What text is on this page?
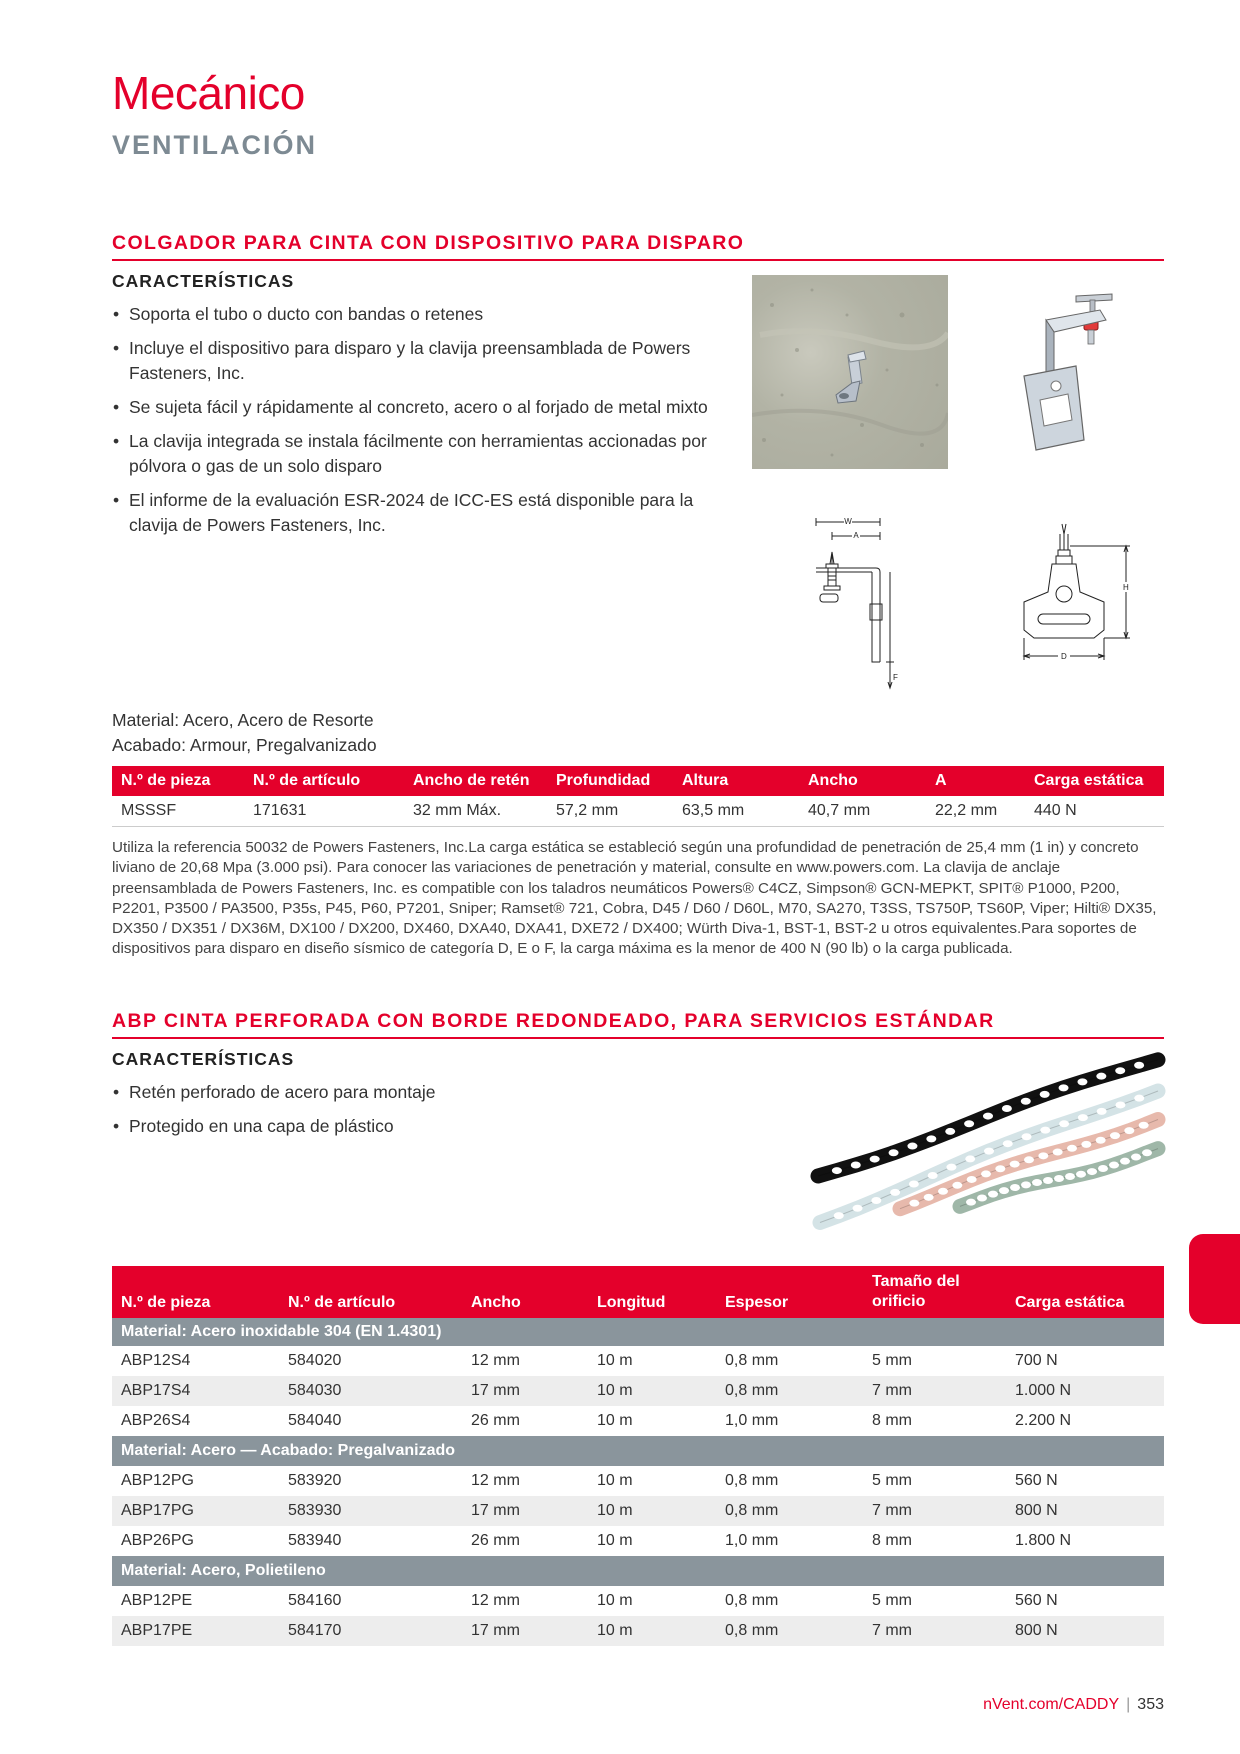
Mecánico
VENTILACIÓN
COLGADOR PARA CINTA CON DISPOSITIVO PARA DISPARO
CARACTERÍSTICAS
• Soporta el tubo o ducto con bandas o retenes
• Incluye el dispositivo para disparo y la clavija preensamblada de Powers Fasteners, Inc.
• Se sujeta fácil y rápidamente al concreto, acero o al forjado de metal mixto
• La clavija integrada se instala fácilmente con herramientas accionadas por pólvora o gas de un solo disparo
• El informe de la evaluación ESR-2024 de ICC-ES está disponible para la clavija de Powers Fasteners, Inc.	W
A
F
H
D
Material: Acero, Acero de Resorte
Acabado: Armour, Pregalvanizado
N.º de pieza	N.º de artículo	Ancho de retén	Profundidad	Altura	Ancho	A	Carga estática
MSSSF	171631	32 mm Máx.	57,2 mm	63,5 mm	40,7 mm	22,2 mm	440 N
Utiliza la referencia 50032 de Powers Fasteners, Inc.La carga estática se estableció según una profundidad de penetración de 25,4 mm (1 in) y concreto liviano de 20,68 Mpa (3.000 psi). Para conocer las variaciones de penetración y material, consulte en www.powers.com. La clavija de anclaje preensamblada de Powers Fasteners, Inc. es compatible con los taladros neumáticos Powers® C4CZ, Simpson® GCN-MEPKT, SPIT® P1000, P200, P2201, P3500 / PA3500, P35s, P45, P60, P7201, Sniper; Ramset® 721, Cobra, D45 / D60 / D60L, M70, SA270, T3SS, TS750P, TS60P, Viper; Hilti® DX35, DX350 / DX351 / DX36M, DX100 / DX200, DX460, DXA40, DXA41, DXE72 / DX400; Würth Diva-1, BST-1, BST-2 u otros equivalentes.Para soportes de dispositivos para disparo en diseño sísmico de categoría D, E o F, la carga máxima es la menor de 400 N (90 lb) o la carga publicada.
ABP CINTA PERFORADA CON BORDE REDONDEADO, PARA SERVICIOS ESTÁNDAR
CARACTERÍSTICAS
• Retén perforado de acero para montaje
• Protegido en una capa de plástico
N.º de pieza	N.º de artículo	Ancho	Longitud	Espesor	Tamaño del orificio	Carga estática
Material: Acero inoxidable 304 (EN 1.4301)						
ABP12S4	584020	12 mm	10 m	0,8 mm	5 mm	700 N
ABP17S4	584030	17 mm	10 m	0,8 mm	7 mm	1.000 N
ABP26S4	584040	26 mm	10 m	1,0 mm	8 mm	2.200 N
Material: Acero — Acabado: Pregalvanizado						
ABP12PG	583920	12 mm	10 m	0,8 mm	5 mm	560 N
ABP17PG	583930	17 mm	10 m	0,8 mm	7 mm	800 N
ABP26PG	583940	26 mm	10 m	1,0 mm	8 mm	1.800 N
Material: Acero, Polietileno						
ABP12PE	584160	12 mm	10 m	0,8 mm	5 mm	560 N
ABP17PE	584170	17 mm	10 m	0,8 mm	7 mm	800 N
nVent.com/CADDY | 353
